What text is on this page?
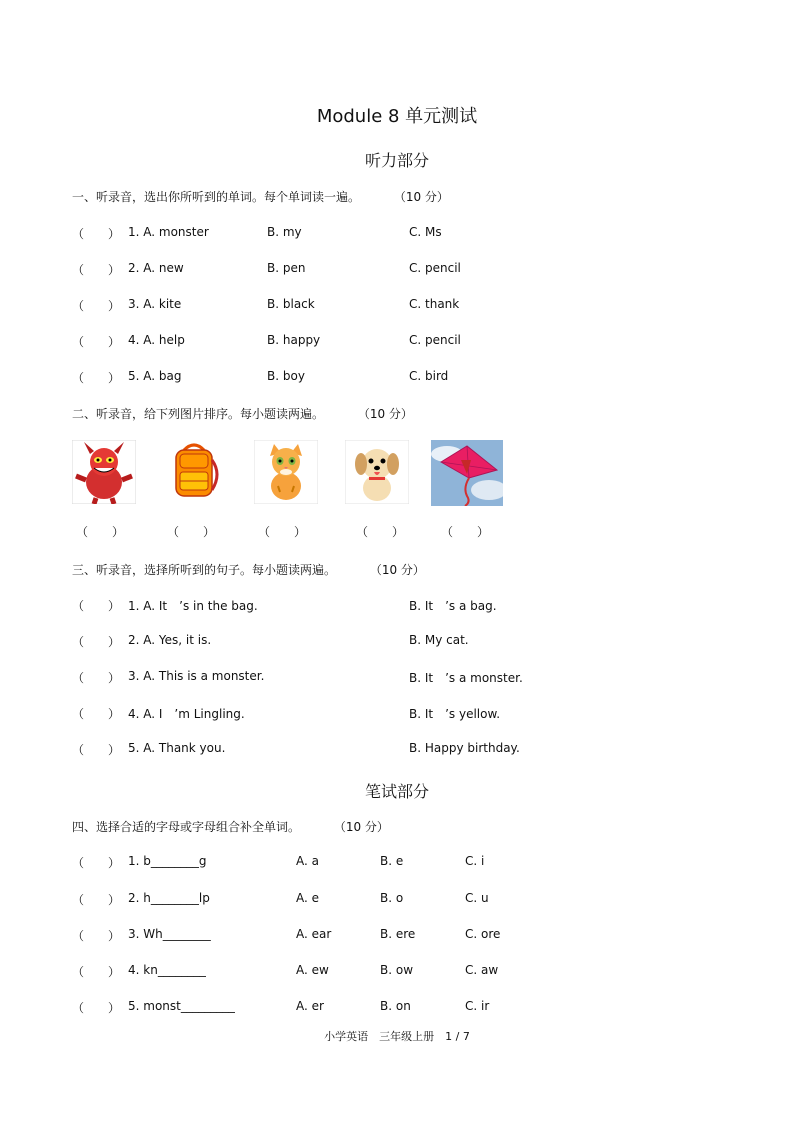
Module 8 单元测试
听力部分
一、听录音，选出你所听到的单词。每个单词读一遍。	（10 分）
（　　） 1. A. monster	B. my	C. Ms
（　　） 2. A. new	B. pen	C. pencil
（　　） 3. A. kite	B. black	C. thank
（　　） 4. A. help	B. happy	C. pencil
（　　） 5. A. bag	B. boy	C. bird
二、听录音，给下列图片排序。每小题读两遍。	（10 分）
（　　）	（　　）	（　　）	（　　）	（　　）
三、听录音，选择所听到的句子。每小题读两遍。	（10 分）
（　　） 1. A. It　’s in the bag.	B. It　’s a bag.
（　　） 2. A. Yes, it is.	B. My cat.
（　　） 3. A. This is a monster.	B. It　’s a monster.
（　　） 4. A. I　’m Lingling.	B. It　’s yellow.
（　　） 5. A. Thank you.	B. Happy birthday.
笔试部分
四、选择合适的字母或字母组合补全单词。	（10 分）
（　　） 1. b________g	A. a	B. e	C. i
（　　） 2. h________lp	A. e	B. o	C. u
（　　） 3. Wh________	A. ear	B. ere	C. ore
（　　） 4. kn________	A. ew	B. ow	C. aw
（　　） 5. monst_________	A. er	B. on	C. ir
小学英语　三年级上册　1 / 7
